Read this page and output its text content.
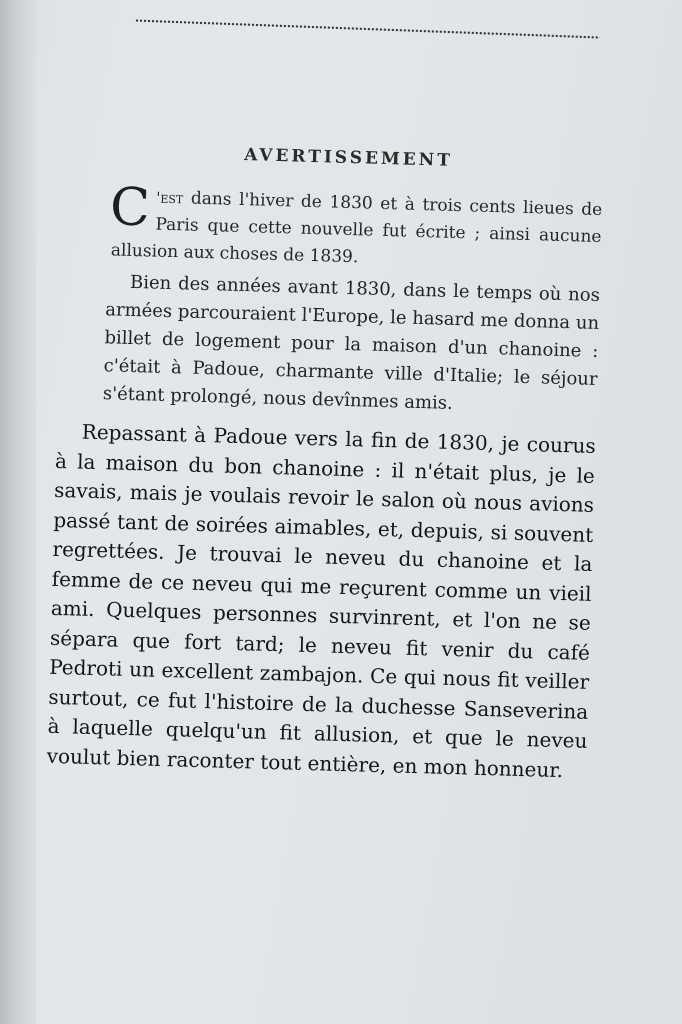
AVERTISSEMENT

C 'est dans l'hiver de 1830 et à trois cents lieues de Paris que cette nouvelle fut écrite ; ainsi aucune allusion aux choses de 1839.

Bien des années avant 1830, dans le temps où nos armées parcouraient l'Europe, le hasard me donna un billet de logement pour la maison d'un chanoine : c'était à Padoue, charmante ville d'Italie; le séjour s'étant prolongé, nous devînmes amis.

Repassant à Padoue vers la fin de 1830, je courus à la maison du bon chanoine : il n'était plus, je le savais, mais je voulais revoir le salon où nous avions passé tant de soirées aimables, et, depuis, si souvent regrettées. Je trouvai le neveu du chanoine et la femme de ce neveu qui me reçurent comme un vieil ami. Quelques personnes survinrent, et l'on ne se sépara que fort tard; le neveu fit venir du café Pedroti un excellent zambajon. Ce qui nous fit veiller surtout, ce fut l'histoire de la duchesse Sanseverina à laquelle quelqu'un fit allusion, et que le neveu voulut bien raconter tout entière, en mon honneur.
